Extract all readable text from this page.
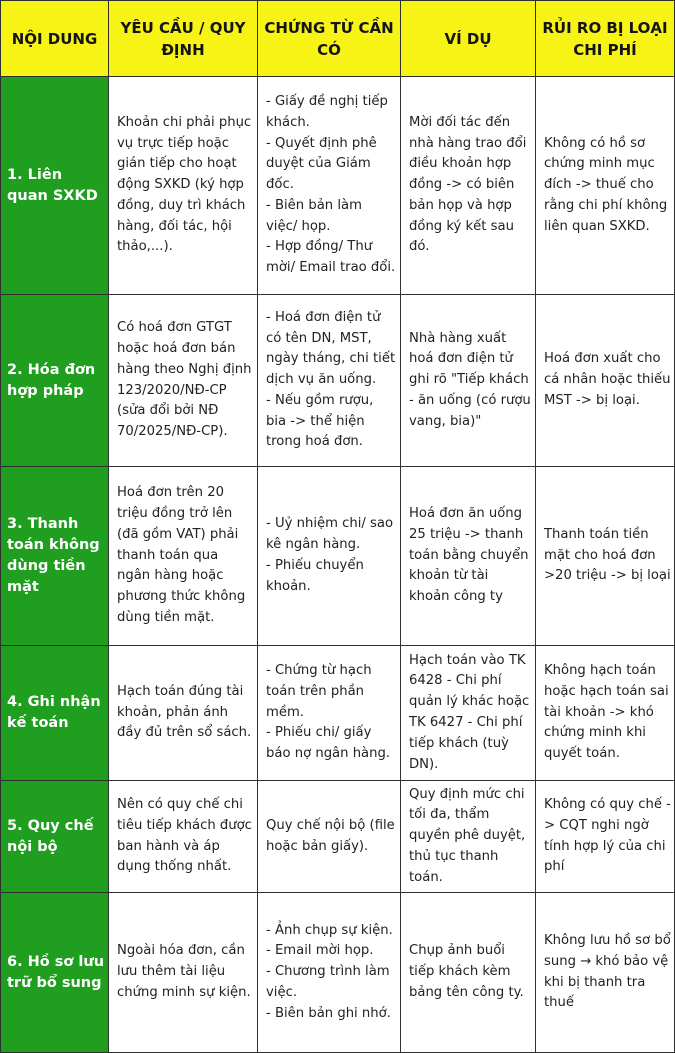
NỘI DUNG	YÊU CẦU / QUY ĐỊNH	CHỨNG TỪ CẦN CÓ	VÍ DỤ	RỦI RO BỊ LOẠI CHI PHÍ
1. Liên quan SXKD	Khoản chi phải phục vụ trực tiếp hoặc gián tiếp cho hoạt động SXKD (ký hợp đồng, duy trì khách hàng, đối tác, hội thảo,...).	- Giấy đề nghị tiếp khách.
- Quyết định phê duyệt của Giám đốc.
- Biên bản làm việc/ họp.
- Hợp đồng/ Thư mời/ Email trao đổi.	Mời đối tác đến nhà hàng trao đổi điều khoản hợp đồng -> có biên bản họp và hợp đồng ký kết sau đó.	Không có hồ sơ chứng minh mục đích -> thuế cho rằng chi phí không liên quan SXKD.
2. Hóa đơn hợp pháp	Có hoá đơn GTGT hoặc hoá đơn bán hàng theo Nghị định 123/2020/NĐ-CP (sửa đổi bởi NĐ 70/2025/NĐ-CP).	- Hoá đơn điện tử có tên DN, MST, ngày tháng, chi tiết dịch vụ ăn uống.
- Nếu gồm rượu, bia -> thể hiện trong hoá đơn.	Nhà hàng xuất hoá đơn điện tử ghi rõ "Tiếp khách - ăn uống (có rượu vang, bia)"	Hoá đơn xuất cho cá nhân hoặc thiếu MST -> bị loại.
3. Thanh toán không dùng tiền mặt	Hoá đơn trên 20 triệu đồng trở lên (đã gồm VAT) phải thanh toán qua ngân hàng hoặc phương thức không dùng tiền mặt.	- Uỷ nhiệm chi/ sao kê ngân hàng.
- Phiếu chuyển khoản.	Hoá đơn ăn uống 25 triệu -> thanh toán bằng chuyển khoản từ tài khoản công ty	Thanh toán tiền mặt cho hoá đơn >20 triệu -> bị loại
4. Ghi nhận kế toán	Hạch toán đúng tài khoản, phản ánh đầy đủ trên sổ sách.	- Chứng từ hạch toán trên phần mềm.
- Phiếu chi/ giấy báo nợ ngân hàng.	Hạch toán vào TK 6428 - Chi phí quản lý khác hoặc TK 6427 - Chi phí tiếp khách (tuỳ DN).	Không hạch toán hoặc hạch toán sai tài khoản -> khó chứng minh khi quyết toán.
5. Quy chế nội bộ	Nên có quy chế chi tiêu tiếp khách được ban hành và áp dụng thống nhất.	Quy chế nội bộ (file hoặc bản giấy).	Quy định mức chi tối đa, thẩm quyền phê duyệt, thủ tục thanh toán.	Không có quy chế -> CQT nghi ngờ tính hợp lý của chi phí
6. Hồ sơ lưu trữ bổ sung	Ngoài hóa đơn, cần lưu thêm tài liệu chứng minh sự kiện.	- Ảnh chụp sự kiện.
- Email mời họp.
- Chương trình làm việc.
- Biên bản ghi nhớ.	Chụp ảnh buổi tiếp khách kèm bảng tên công ty.	Không lưu hồ sơ bổ sung → khó bảo vệ khi bị thanh tra thuế
